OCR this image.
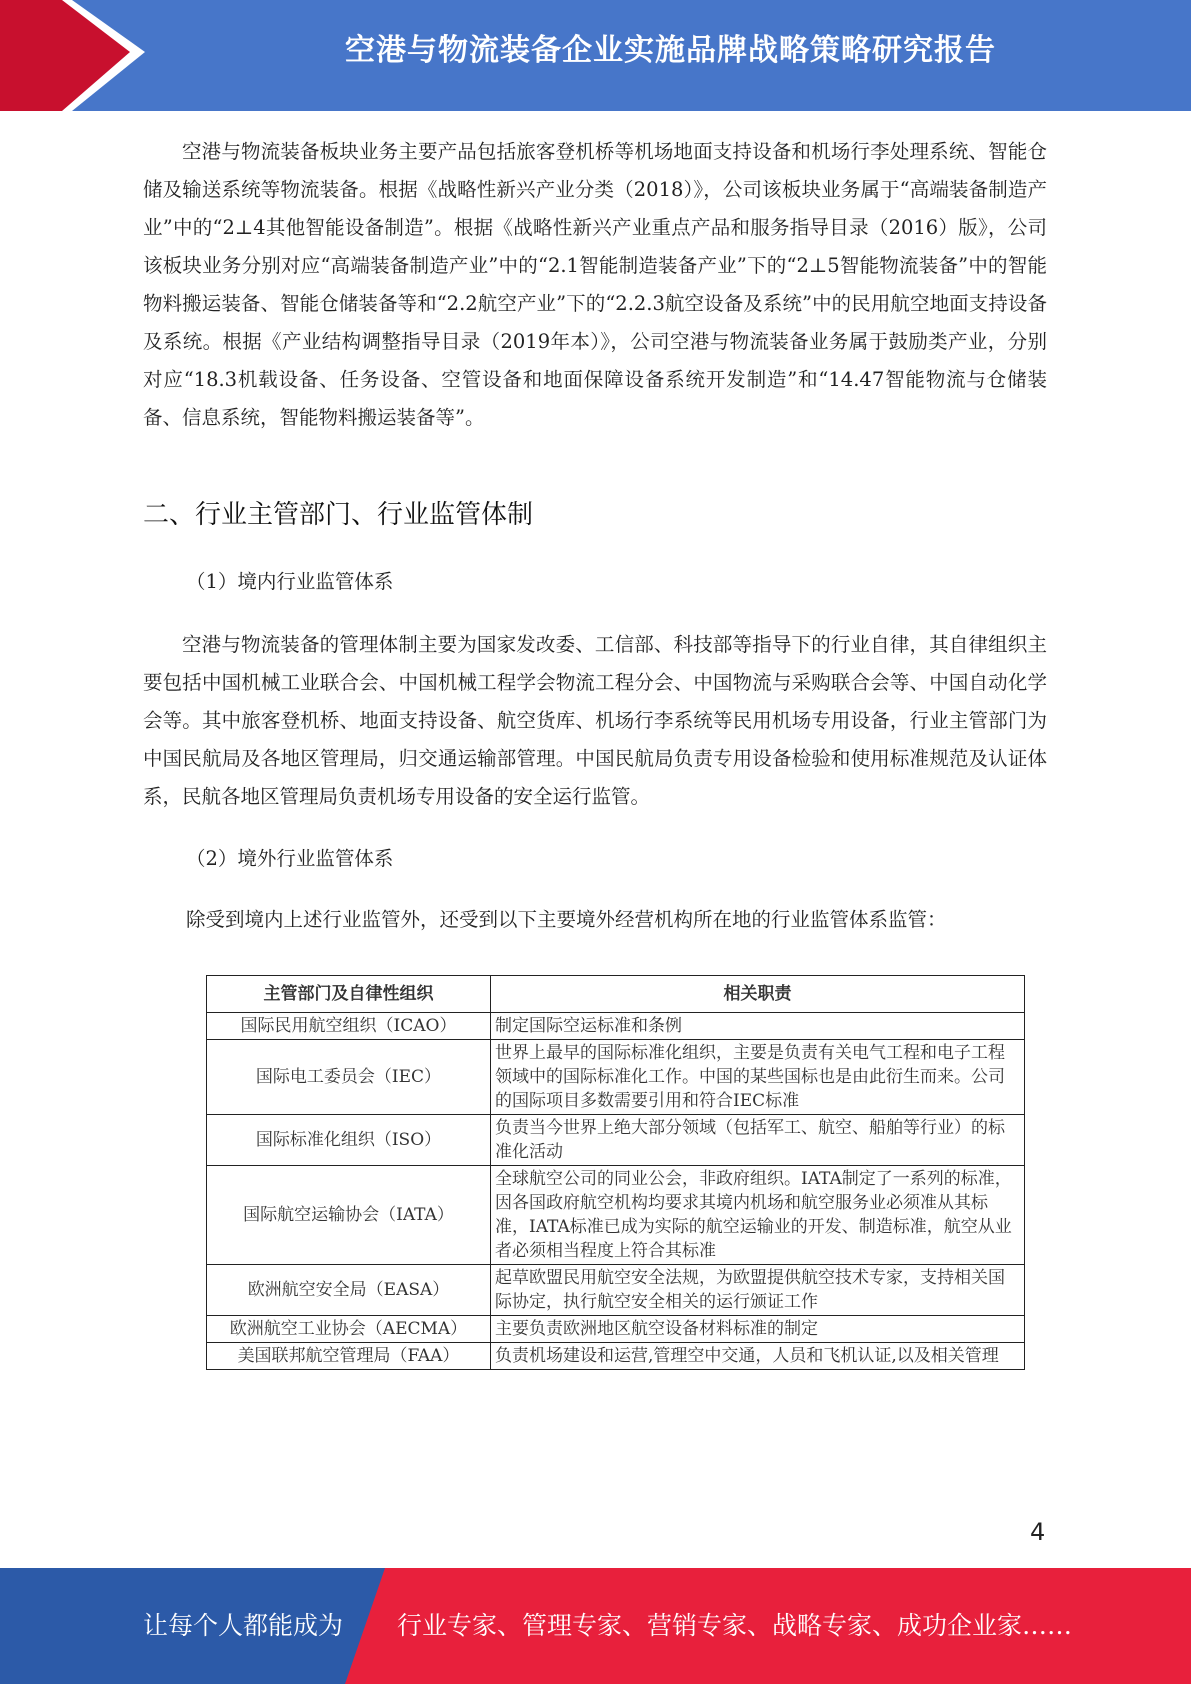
空港与物流装备企业实施品牌战略策略研究报告

空港与物流装备板块业务主要产品包括旅客登机桥等机场地面支持设备和机场行李处理系统、智能仓储及输送系统等物流装备。根据《战略性新兴产业分类（2018）》，公司该板块业务属于“高端装备制造产业”中的“2⊥4其他智能设备制造”。根据《战略性新兴产业重点产品和服务指导目录（2016）版》，公司该板块业务分别对应“高端装备制造产业”中的“2.1智能制造装备产业”下的“2⊥5智能物流装备”中的智能物料搬运装备、智能仓储装备等和“2.2航空产业”下的“2.2.3航空设备及系统”中的民用航空地面支持设备及系统。根据《产业结构调整指导目录（2019年本）》，公司空港与物流装备业务属于鼓励类产业，分别对应“18.3机载设备、任务设备、空管设备和地面保障设备系统开发制造”和“14.47智能物流与仓储装备、信息系统，智能物料搬运装备等”。

二、行业主管部门、行业监管体制

（1）境内行业监管体系

空港与物流装备的管理体制主要为国家发改委、工信部、科技部等指导下的行业自律，其自律组织主要包括中国机械工业联合会、中国机械工程学会物流工程分会、中国物流与采购联合会等、中国自动化学会等。其中旅客登机桥、地面支持设备、航空货库、机场行李系统等民用机场专用设备，行业主管部门为中国民航局及各地区管理局，归交通运输部管理。中国民航局负责专用设备检验和使用标准规范及认证体系，民航各地区管理局负责机场专用设备的安全运行监管。

（2）境外行业监管体系

除受到境内上述行业监管外，还受到以下主要境外经营机构所在地的行业监管体系监管：

主管部门及自律性组织	相关职责
国际民用航空组织（ICAO）	制定国际空运标准和条例
国际电工委员会（IEC）	世界上最早的国际标准化组织，主要是负责有关电气工程和电子工程领域中的国际标准化工作。中国的某些国标也是由此衍生而来。公司的国际项目多数需要引用和符合IEC标准
国际标准化组织（ISO）	负责当今世界上绝大部分领域（包括军工、航空、船舶等行业）的标准化活动
国际航空运输协会（IATA）	全球航空公司的同业公会，非政府组织。IATA制定了一系列的标准，因各国政府航空机构均要求其境内机场和航空服务业必须准从其标准，IATA标准已成为实际的航空运输业的开发、制造标准，航空从业者必须相当程度上符合其标准
欧洲航空安全局（EASA）	起草欧盟民用航空安全法规，为欧盟提供航空技术专家，支持相关国际协定，执行航空安全相关的运行颁证工作
欧洲航空工业协会（AECMA）	主要负责欧洲地区航空设备材料标准的制定
美国联邦航空管理局（FAA）	负责机场建设和运营,管理空中交通，人员和飞机认证,以及相关管理
4
让每个人都能成为 行业专家、管理专家、营销专家、战略专家、成功企业家……
